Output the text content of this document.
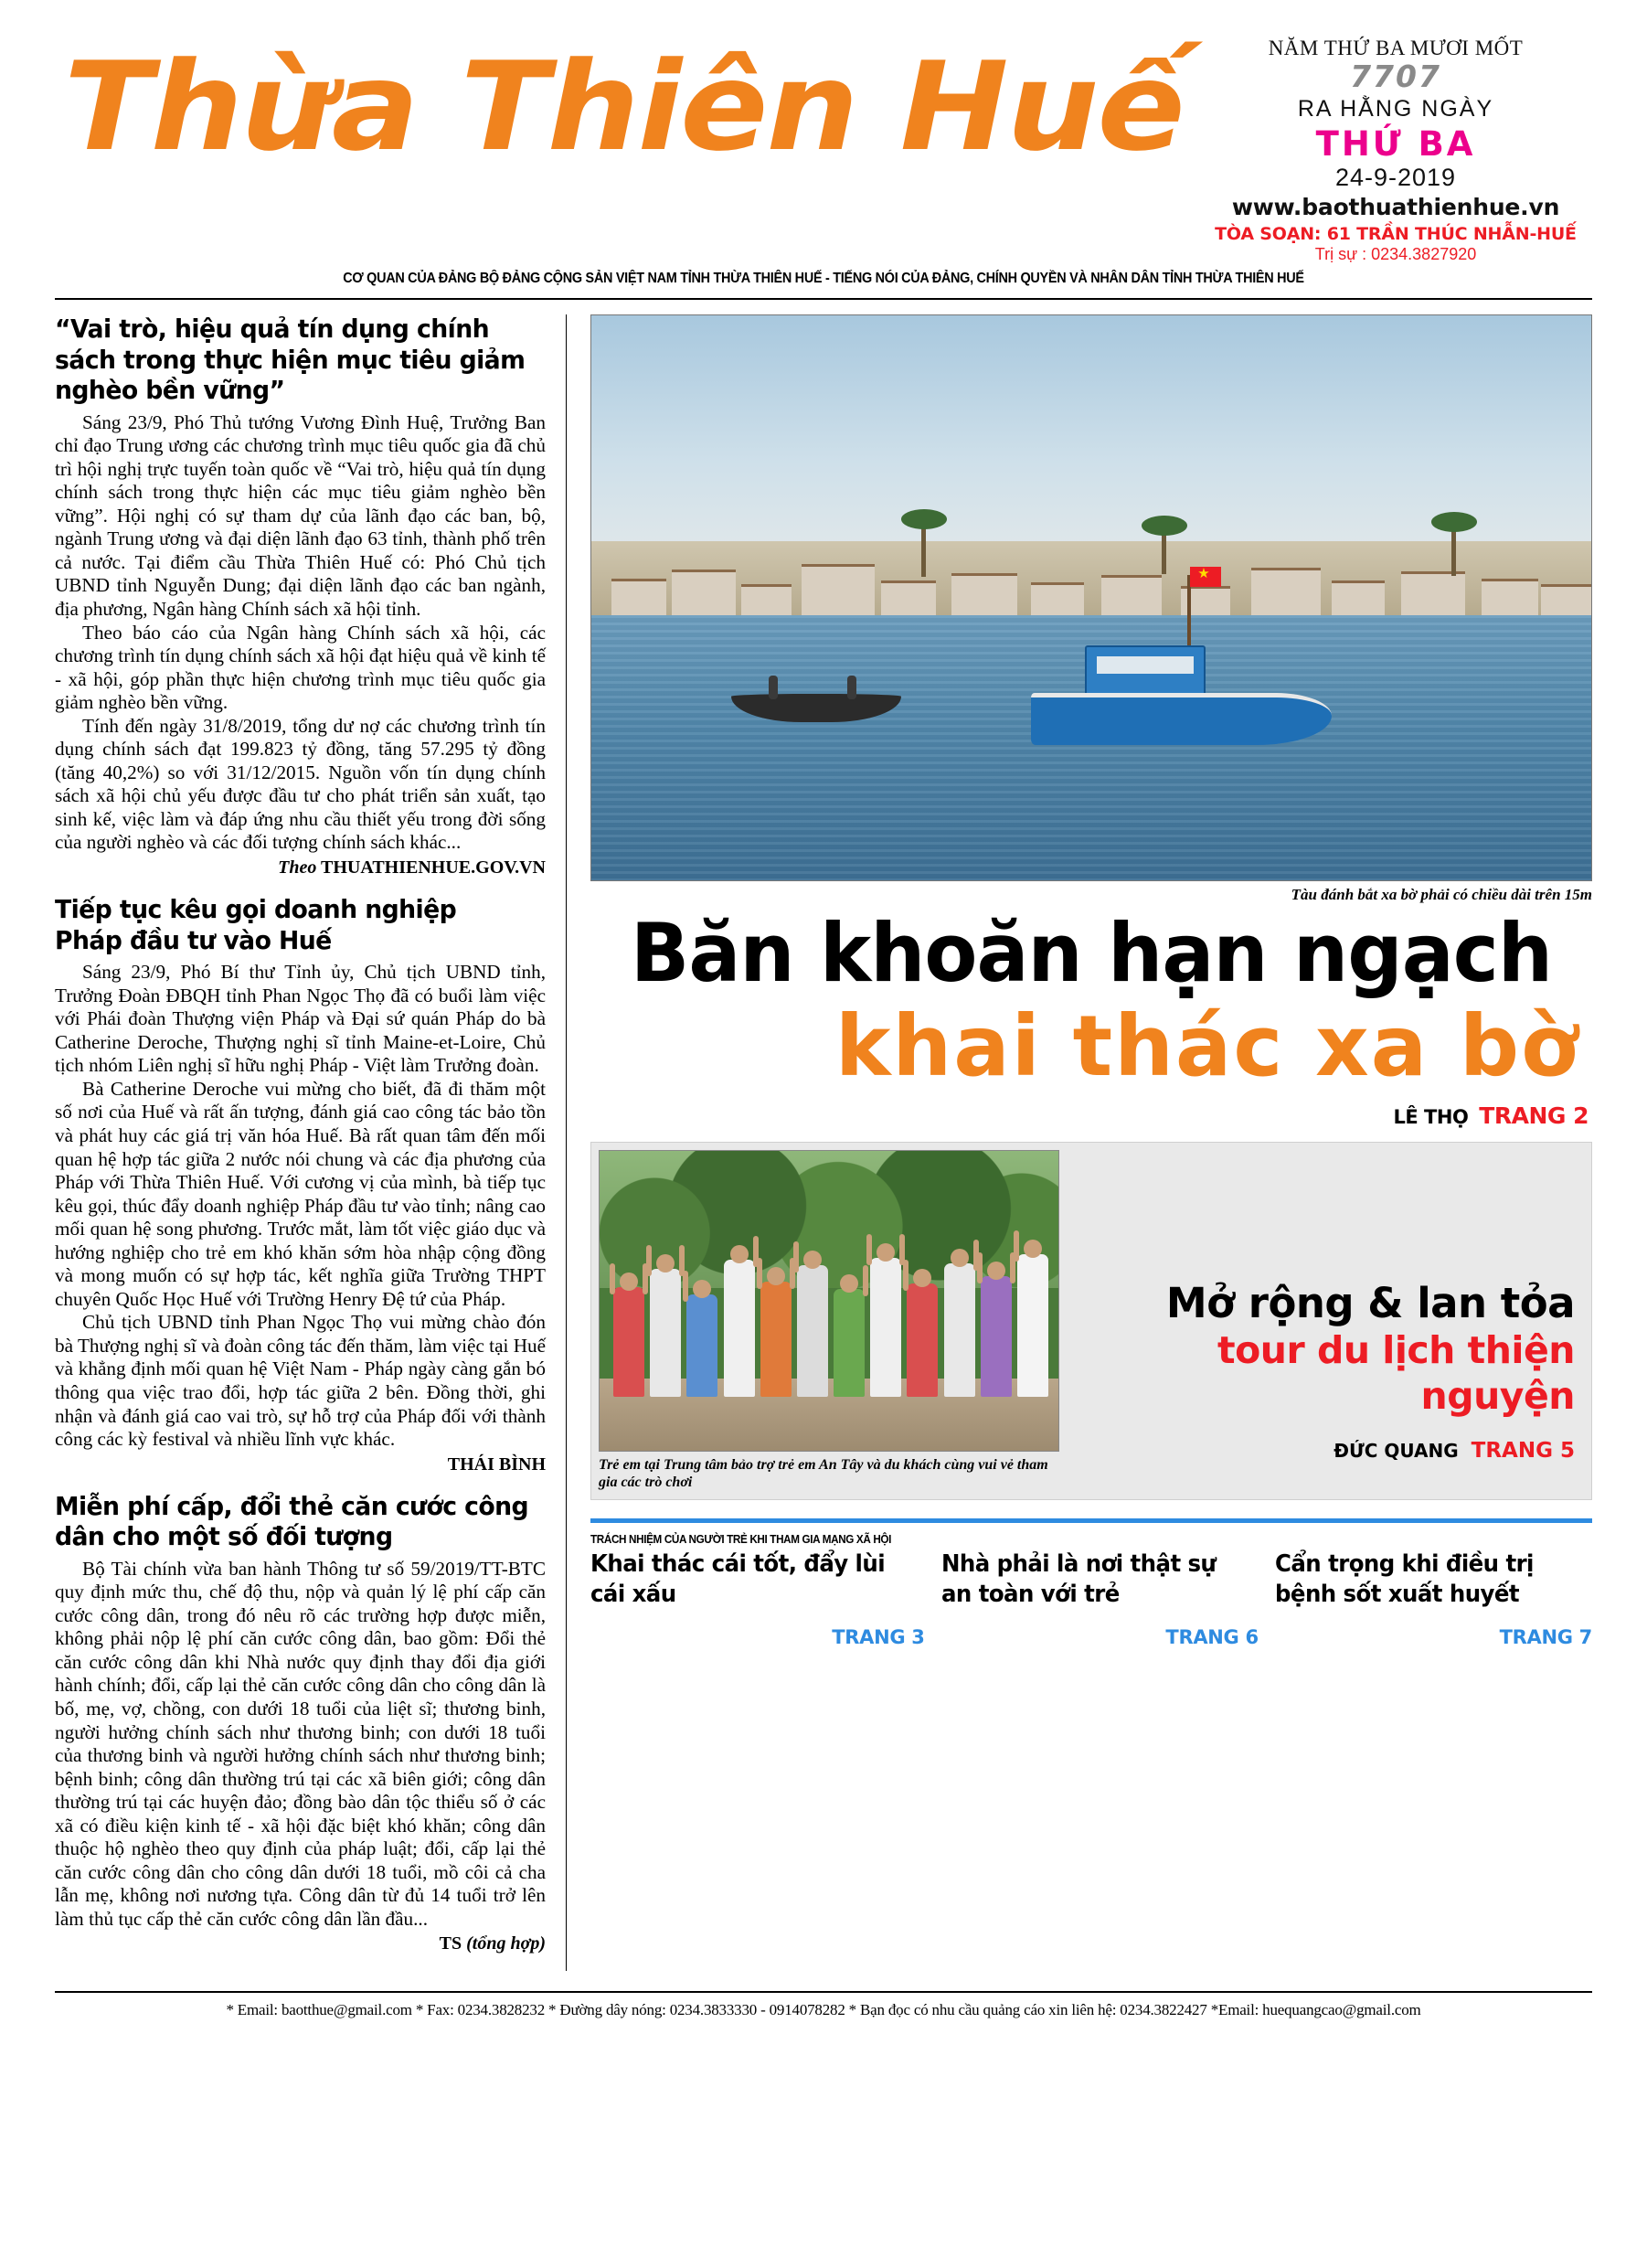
Thừa Thiên Huế	NĂM THỨ BA MƯƠI MỐT
7707
RA HẰNG NGÀY
THỨ BA
24-9-2019
www.baothuathienhue.vn
TÒA SOẠN: 61 TRẦN THÚC NHẪN-HUẾ
Trị sự : 0234.3827920
CƠ QUAN CỦA ĐẢNG BỘ ĐẢNG CỘNG SẢN VIỆT NAM TỈNH THỪA THIÊN HUẾ - TIẾNG NÓI CỦA ĐẢNG, CHÍNH QUYỀN VÀ NHÂN DÂN TỈNH THỪA THIÊN HUẾ
“Vai trò, hiệu quả tín dụng chính sách trong thực hiện mục tiêu giảm nghèo bền vững”

Sáng 23/9, Phó Thủ tướng Vương Đình Huệ, Trưởng Ban chỉ đạo Trung ương các chương trình mục tiêu quốc gia đã chủ trì hội nghị trực tuyến toàn quốc về “Vai trò, hiệu quả tín dụng chính sách trong thực hiện các mục tiêu giảm nghèo bền vững”. Hội nghị có sự tham dự của lãnh đạo các ban, bộ, ngành Trung ương và đại diện lãnh đạo 63 tỉnh, thành phố trên cả nước. Tại điểm cầu Thừa Thiên Huế có: Phó Chủ tịch UBND tỉnh Nguyễn Dung; đại diện lãnh đạo các ban ngành, địa phương, Ngân hàng Chính sách xã hội tỉnh.

Theo báo cáo của Ngân hàng Chính sách xã hội, các chương trình tín dụng chính sách xã hội đạt hiệu quả về kinh tế - xã hội, góp phần thực hiện chương trình mục tiêu quốc gia giảm nghèo bền vững.

Tính đến ngày 31/8/2019, tổng dư nợ các chương trình tín dụng chính sách đạt 199.823 tỷ đồng, tăng 57.295 tỷ đồng (tăng 40,2%) so với 31/12/2015. Nguồn vốn tín dụng chính sách xã hội chủ yếu được đầu tư cho phát triển sản xuất, tạo sinh kế, việc làm và đáp ứng nhu cầu thiết yếu trong đời sống của người nghèo và các đối tượng chính sách khác...

Theo THUATHIENHUE.GOV.VN
Tiếp tục kêu gọi doanh nghiệp Pháp đầu tư vào Huế

Sáng 23/9, Phó Bí thư Tỉnh ủy, Chủ tịch UBND tỉnh, Trưởng Đoàn ĐBQH tỉnh Phan Ngọc Thọ đã có buổi làm việc với Phái đoàn Thượng viện Pháp và Đại sứ quán Pháp do bà Catherine Deroche, Thượng nghị sĩ tỉnh Maine-et-Loire, Chủ tịch nhóm Liên nghị sĩ hữu nghị Pháp - Việt làm Trưởng đoàn.

Bà Catherine Deroche vui mừng cho biết, đã đi thăm một số nơi của Huế và rất ấn tượng, đánh giá cao công tác bảo tồn và phát huy các giá trị văn hóa Huế. Bà rất quan tâm đến mối quan hệ hợp tác giữa 2 nước nói chung và các địa phương của Pháp với Thừa Thiên Huế. Với cương vị của mình, bà tiếp tục kêu gọi, thúc đẩy doanh nghiệp Pháp đầu tư vào tỉnh; nâng cao mối quan hệ song phương. Trước mắt, làm tốt việc giáo dục và hướng nghiệp cho trẻ em khó khăn sớm hòa nhập cộng đồng và mong muốn có sự hợp tác, kết nghĩa giữa Trường THPT chuyên Quốc Học Huế với Trường Henry Đệ tứ của Pháp.

Chủ tịch UBND tỉnh Phan Ngọc Thọ vui mừng chào đón bà Thượng nghị sĩ và đoàn công tác đến thăm, làm việc tại Huế và khẳng định mối quan hệ Việt Nam - Pháp ngày càng gắn bó thông qua việc trao đổi, hợp tác giữa 2 bên. Đồng thời, ghi nhận và đánh giá cao vai trò, sự hỗ trợ của Pháp đối với thành công các kỳ festival và nhiều lĩnh vực khác.

THÁI BÌNH
Miễn phí cấp, đổi thẻ căn cước công dân cho một số đối tượng

Bộ Tài chính vừa ban hành Thông tư số 59/2019/TT-BTC quy định mức thu, chế độ thu, nộp và quản lý lệ phí cấp căn cước công dân, trong đó nêu rõ các trường hợp được miễn, không phải nộp lệ phí căn cước công dân, bao gồm: Đổi thẻ căn cước công dân khi Nhà nước quy định thay đổi địa giới hành chính; đổi, cấp lại thẻ căn cước công dân cho công dân là bố, mẹ, vợ, chồng, con dưới 18 tuổi của liệt sĩ; thương binh, người hưởng chính sách như thương binh; con dưới 18 tuổi của thương binh và người hưởng chính sách như thương binh; bệnh binh; công dân thường trú tại các xã biên giới; công dân thường trú tại các huyện đảo; đồng bào dân tộc thiểu số ở các xã có điều kiện kinh tế - xã hội đặc biệt khó khăn; công dân thuộc hộ nghèo theo quy định của pháp luật; đổi, cấp lại thẻ căn cước công dân cho công dân dưới 18 tuổi, mồ côi cả cha lẫn mẹ, không nơi nương tựa. Công dân từ đủ 14 tuổi trở lên làm thủ tục cấp thẻ căn cước công dân lần đầu...

TS (tổng hợp)
★
Tàu đánh bắt xa bờ phải có chiều dài trên 15m
Băn khoăn hạn ngạch
khai thác xa bờ
LÊ THỌ TRANG 2
Trẻ em tại Trung tâm bảo trợ trẻ em An Tây và du khách cùng vui vẻ tham gia các trò chơi
Mở rộng & lan tỏa
tour du lịch thiện nguyện
ĐỨC QUANG TRANG 5
TRÁCH NHIỆM CỦA NGƯỜI TRẺ KHI THAM GIA MẠNG XÃ HỘI
Khai thác cái tốt, đẩy lùi cái xấu
TRANG 3
Nhà phải là nơi thật sự an toàn với trẻ
TRANG 6
Cẩn trọng khi điều trị bệnh sốt xuất huyết
TRANG 7
* Email: baotthue@gmail.com * Fax: 0234.3828232 * Đường dây nóng: 0234.3833330 - 0914078282 * Bạn đọc có nhu cầu quảng cáo xin liên hệ: 0234.3822427 *Email: huequangcao@gmail.com
